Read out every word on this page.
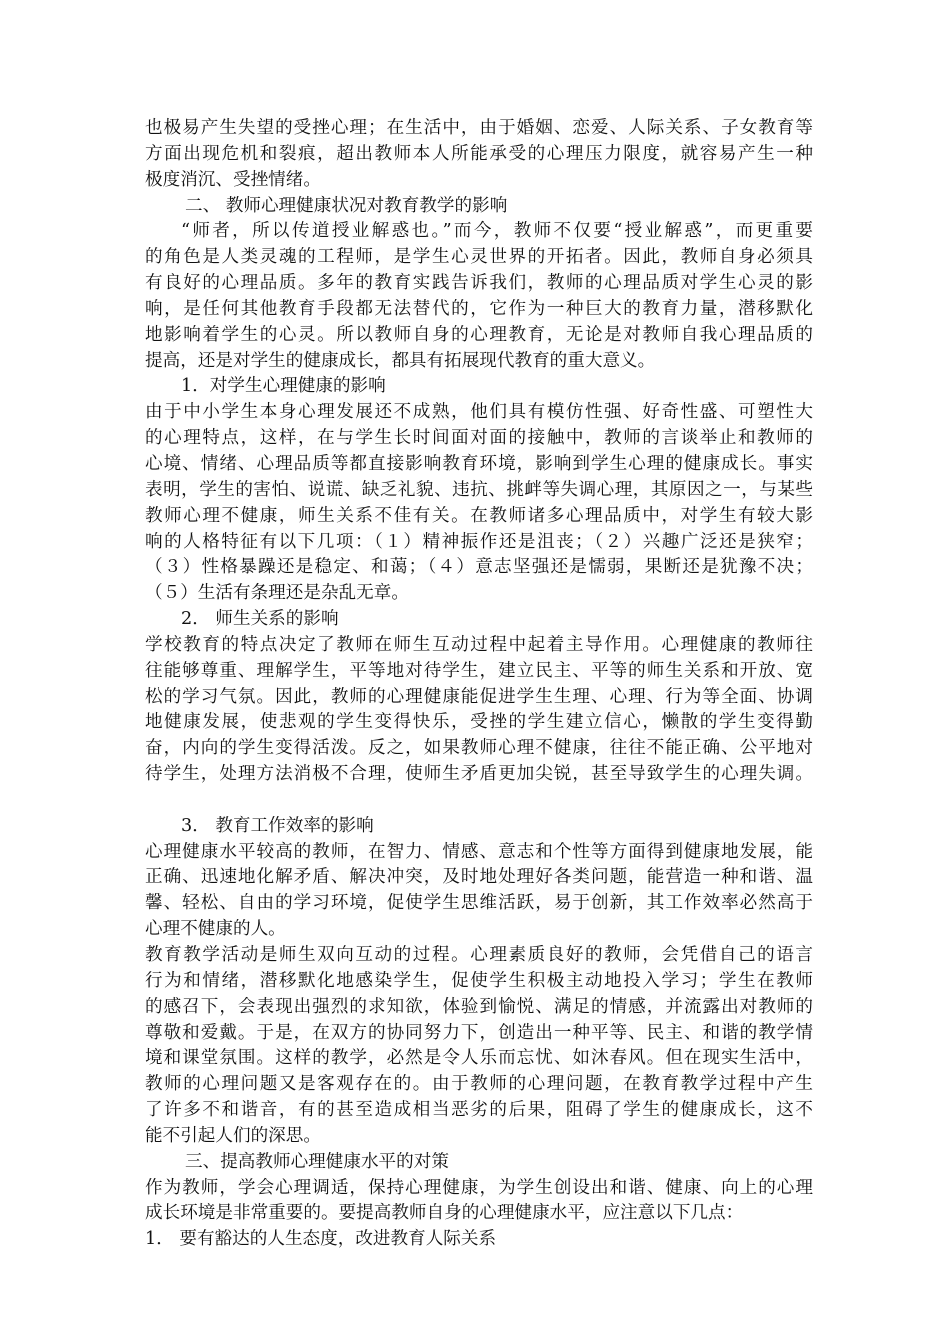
也极易产生失望的受挫心理；在生活中，由于婚姻、恋爱、人际关系、子女教育等
方面出现危机和裂痕，超出教师本人所能承受的心理压力限度，就容易产生一种
极度消沉、受挫情绪。
二、 教师心理健康状况对教育教学的影响
“师者，所以传道授业解惑也。”而今，教师不仅要“授业解惑”，而更重要
的角色是人类灵魂的工程师，是学生心灵世界的开拓者。因此，教师自身必须具
有良好的心理品质。多年的教育实践告诉我们，教师的心理品质对学生心灵的影
响，是任何其他教育手段都无法替代的，它作为一种巨大的教育力量，潜移默化
地影响着学生的心灵。所以教师自身的心理教育，无论是对教师自我心理品质的
提高，还是对学生的健康成长，都具有拓展现代教育的重大意义。
1．对学生心理健康的影响
由于中小学生本身心理发展还不成熟，他们具有模仿性强、好奇性盛、可塑性大
的心理特点，这样，在与学生长时间面对面的接触中，教师的言谈举止和教师的
心境、情绪、心理品质等都直接影响教育环境，影响到学生心理的健康成长。事实
表明，学生的害怕、说谎、缺乏礼貌、违抗、挑衅等失调心理，其原因之一，与某些
教师心理不健康，师生关系不佳有关。在教师诸多心理品质中，对学生有较大影
响的人格特征有以下几项：（１）精神振作还是沮丧；（２）兴趣广泛还是狭窄；
（３）性格暴躁还是稳定、和蔼；（４）意志坚强还是懦弱，果断还是犹豫不决；
（５）生活有条理还是杂乱无章。
2． 师生关系的影响
学校教育的特点决定了教师在师生互动过程中起着主导作用。心理健康的教师往
往能够尊重、理解学生，平等地对待学生，建立民主、平等的师生关系和开放、宽
松的学习气氛。因此，教师的心理健康能促进学生生理、心理、行为等全面、协调
地健康发展，使悲观的学生变得快乐，受挫的学生建立信心，懒散的学生变得勤
奋，内向的学生变得活泼。反之，如果教师心理不健康，往往不能正确、公平地对
待学生，处理方法消极不合理，使师生矛盾更加尖锐，甚至导致学生的心理失调。
3． 教育工作效率的影响
心理健康水平较高的教师，在智力、情感、意志和个性等方面得到健康地发展，能
正确、迅速地化解矛盾、解决冲突，及时地处理好各类问题，能营造一种和谐、温
馨、轻松、自由的学习环境，促使学生思维活跃，易于创新，其工作效率必然高于
心理不健康的人。
教育教学活动是师生双向互动的过程。心理素质良好的教师，会凭借自己的语言
行为和情绪，潜移默化地感染学生，促使学生积极主动地投入学习；学生在教师
的感召下，会表现出强烈的求知欲，体验到愉悦、满足的情感，并流露出对教师的
尊敬和爱戴。于是，在双方的协同努力下，创造出一种平等、民主、和谐的教学情
境和课堂氛围。这样的教学，必然是令人乐而忘忧、如沐春风。但在现实生活中，
教师的心理问题又是客观存在的。由于教师的心理问题，在教育教学过程中产生
了许多不和谐音，有的甚至造成相当恶劣的后果，阻碍了学生的健康成长，这不
能不引起人们的深思。
三、提高教师心理健康水平的对策
作为教师，学会心理调适，保持心理健康，为学生创设出和谐、健康、向上的心理
成长环境是非常重要的。要提高教师自身的心理健康水平，应注意以下几点：
1． 要有豁达的人生态度，改进教育人际关系
